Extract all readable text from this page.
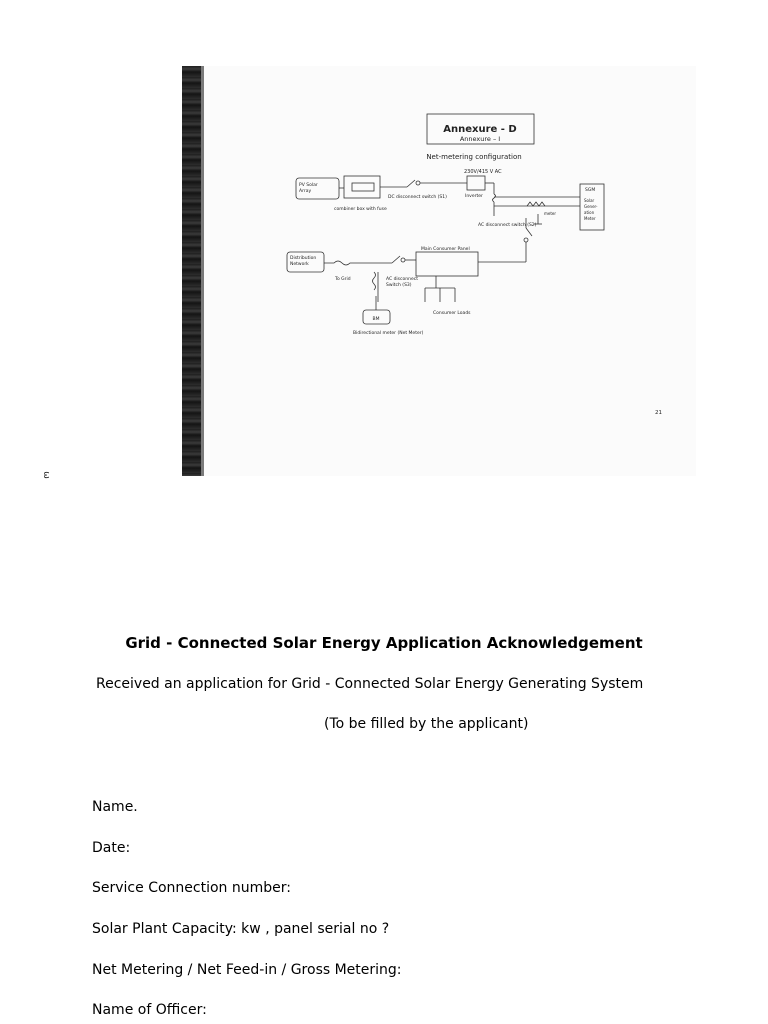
Annexure - D
Annexure – I
Net-metering configuration
230V/415 V AC
PV Solar
Array
combiner box with fuse
DC disconnect switch (S1)	Inverter
SGM
Solar
Gener-
ation
Meter
meter
AC disconnect switch (S2)
Distribution
Network
To Grid	AC disconnect
Switch (S3)
Main Consumer Panel
Consumer Loads
BM
Bidirectional meter (Net Meter)
21
ω

Grid - Connected Solar Energy Application Acknowledgement

Received an application for Grid - Connected Solar Energy Generating System

(To be filled by the applicant)

Name.

Date:

Service Connection number:

Solar Plant Capacity: kw , panel serial no ?

Net Metering / Net Feed-in / Gross Metering:

Name of Officer:
